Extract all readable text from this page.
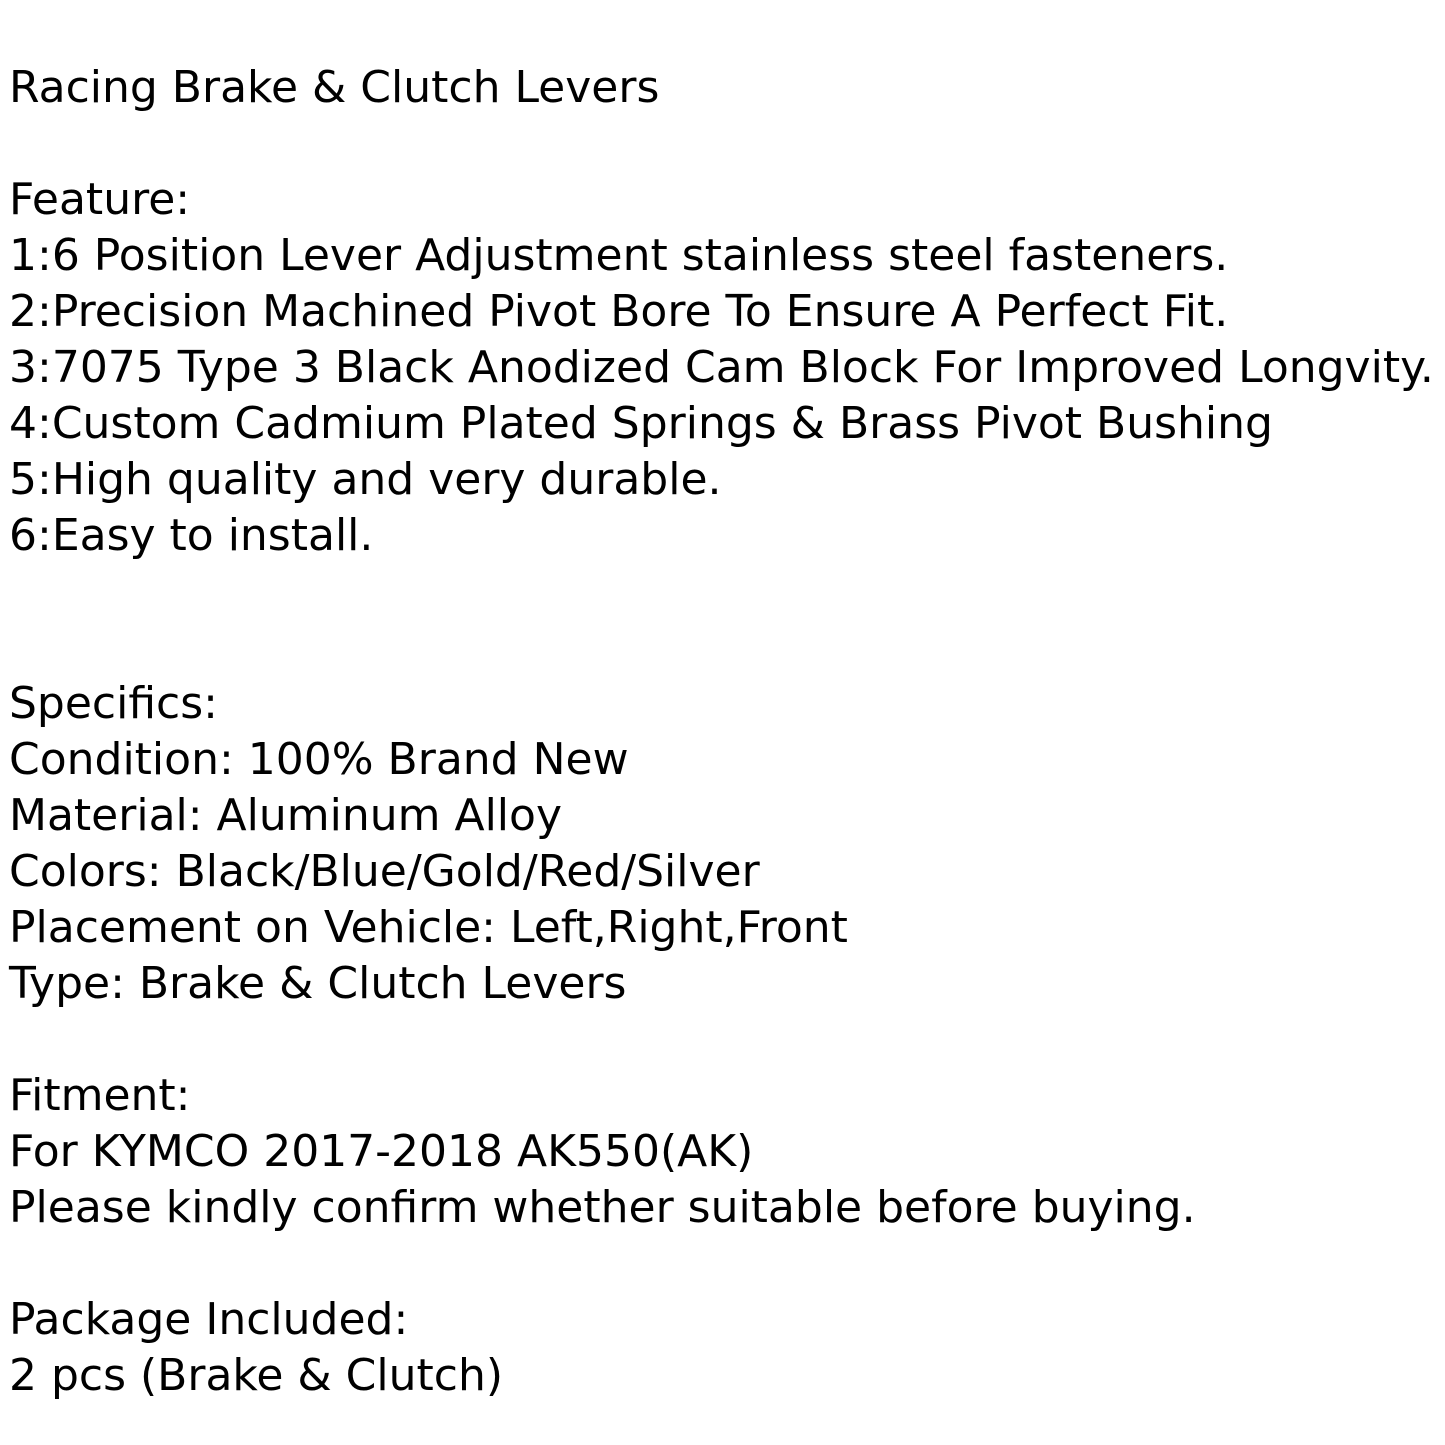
Racing Brake & Clutch Levers
Feature:
1:6 Position Lever Adjustment stainless steel fasteners.
2:Precision Machined Pivot Bore To Ensure A Perfect Fit.
3:7075 Type 3 Black Anodized Cam Block For Improved Longvity.
4:Custom Cadmium Plated Springs & Brass Pivot Bushing
5:High quality and very durable.
6:Easy to install.
Specifics:
Condition: 100% Brand New
Material: Aluminum Alloy
Colors: Black/Blue/Gold/Red/Silver
Placement on Vehicle: Left,Right,Front
Type: Brake & Clutch Levers
Fitment:
For KYMCO 2017-2018 AK550(AK)
Please kindly confirm whether suitable before buying.
Package Included:
2 pcs (Brake & Clutch)
